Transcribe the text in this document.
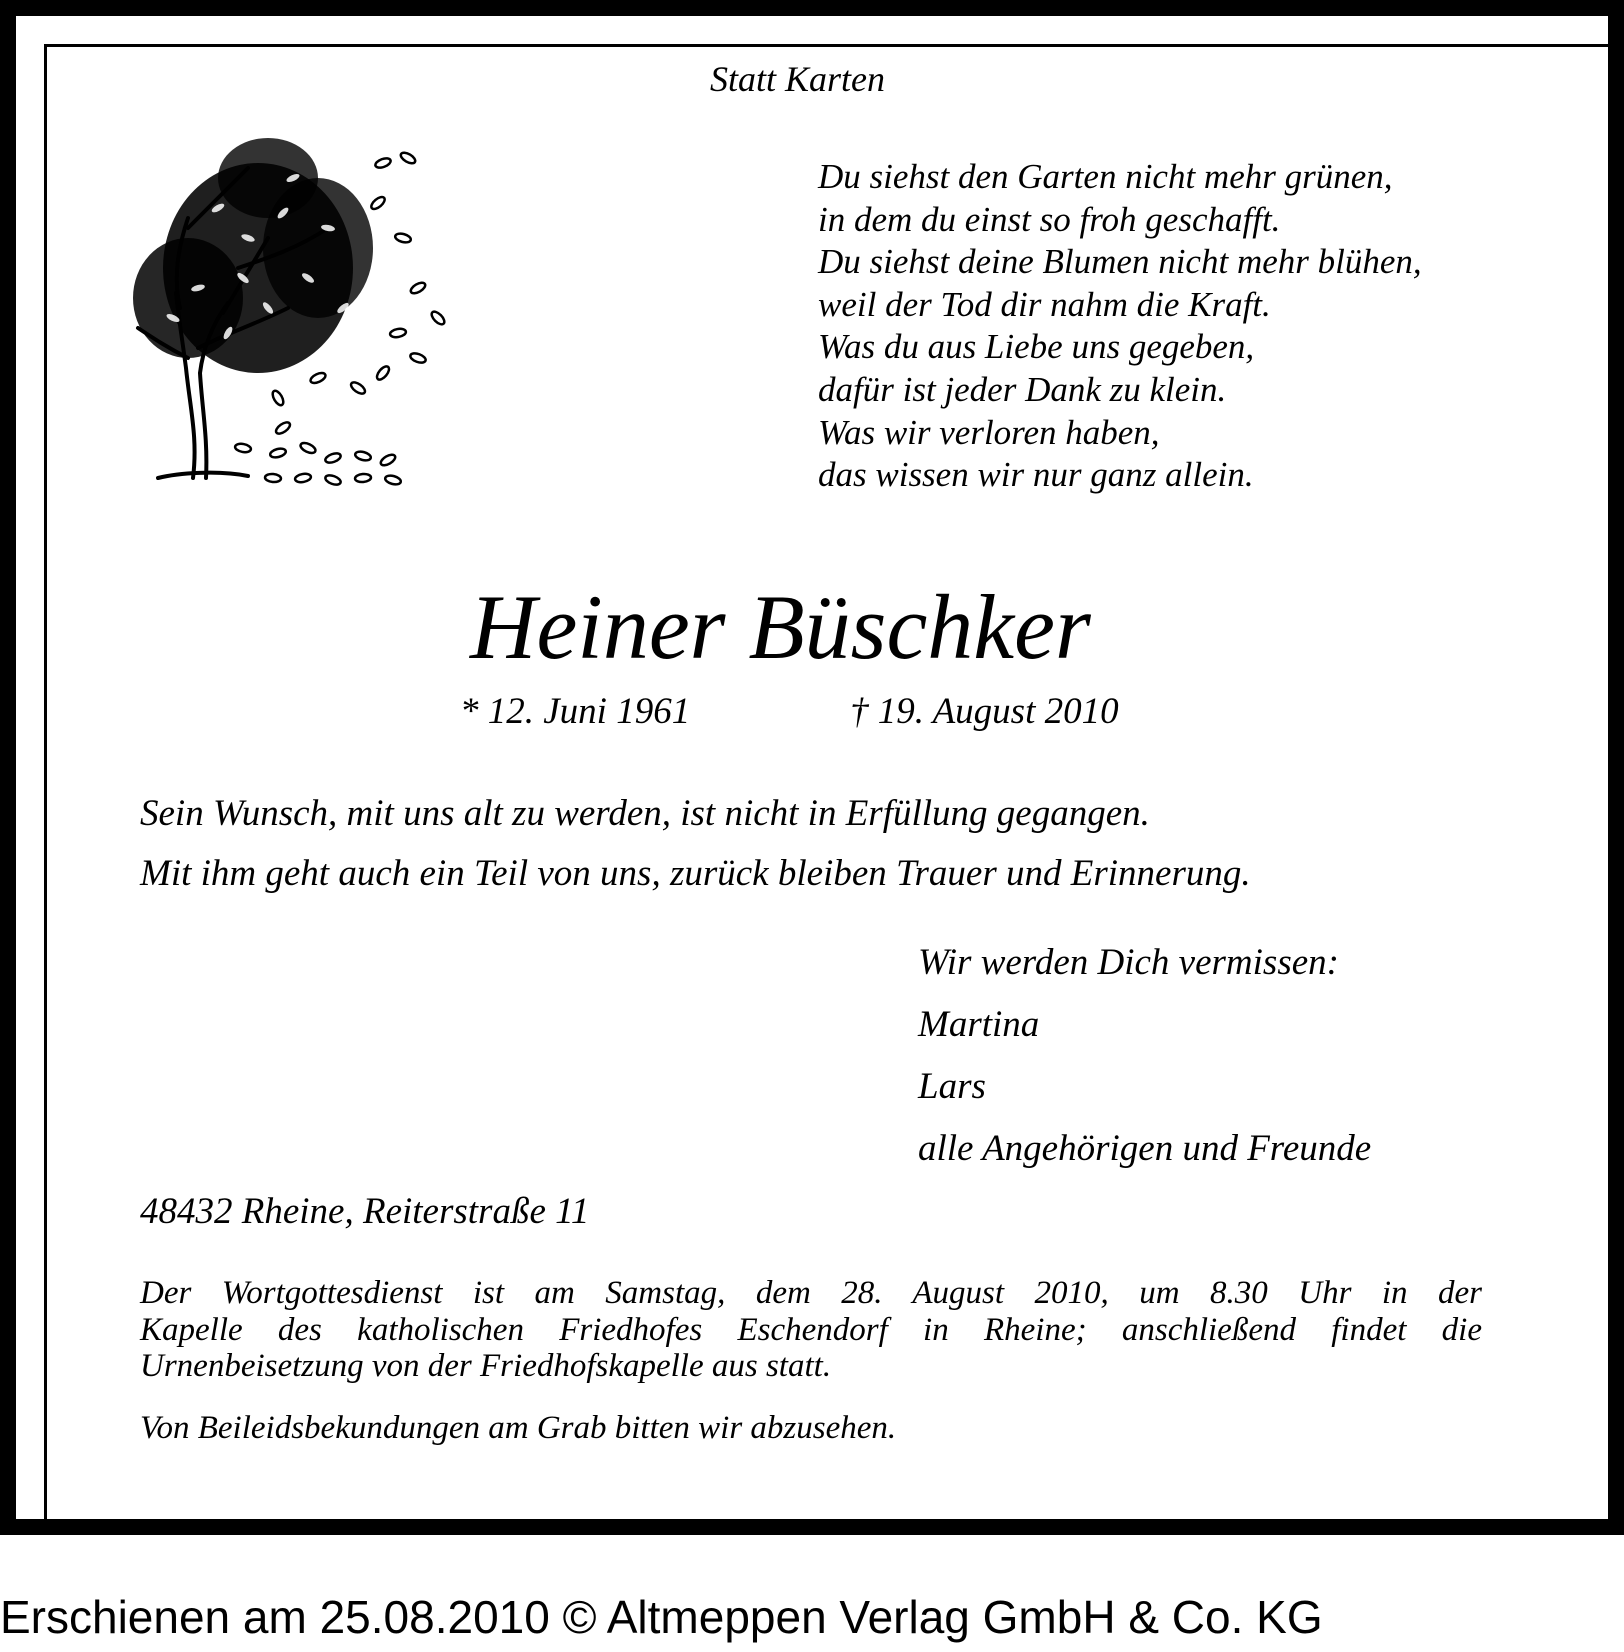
Statt Karten
Du siehst den Garten nicht mehr grünen,
in dem du einst so froh geschafft.
Du siehst deine Blumen nicht mehr blühen,
weil der Tod dir nahm die Kraft.
Was du aus Liebe uns gegeben,
dafür ist jeder Dank zu klein.
Was wir verloren haben,
das wissen wir nur ganz allein.
Heiner Büschker
* 12. Juni 1961	† 19. August 2010
Sein Wunsch, mit uns alt zu werden, ist nicht in Erfüllung gegangen.
Mit ihm geht auch ein Teil von uns, zurück bleiben Trauer und Erinnerung.
Wir werden Dich vermissen:
Martina
Lars
alle Angehörigen und Freunde
48432 Rheine, Reiterstraße 11
Der Wortgottesdienst ist am Samstag, dem 28. August 2010, um 8.30 Uhr in der
Kapelle des katholischen Friedhofes Eschendorf in Rheine; anschließend findet die
Urnenbeisetzung von der Friedhofskapelle aus statt.
Von Beileidsbekundungen am Grab bitten wir abzusehen.
Erschienen am 25.08.2010 © Altmeppen Verlag GmbH & Co. KG
